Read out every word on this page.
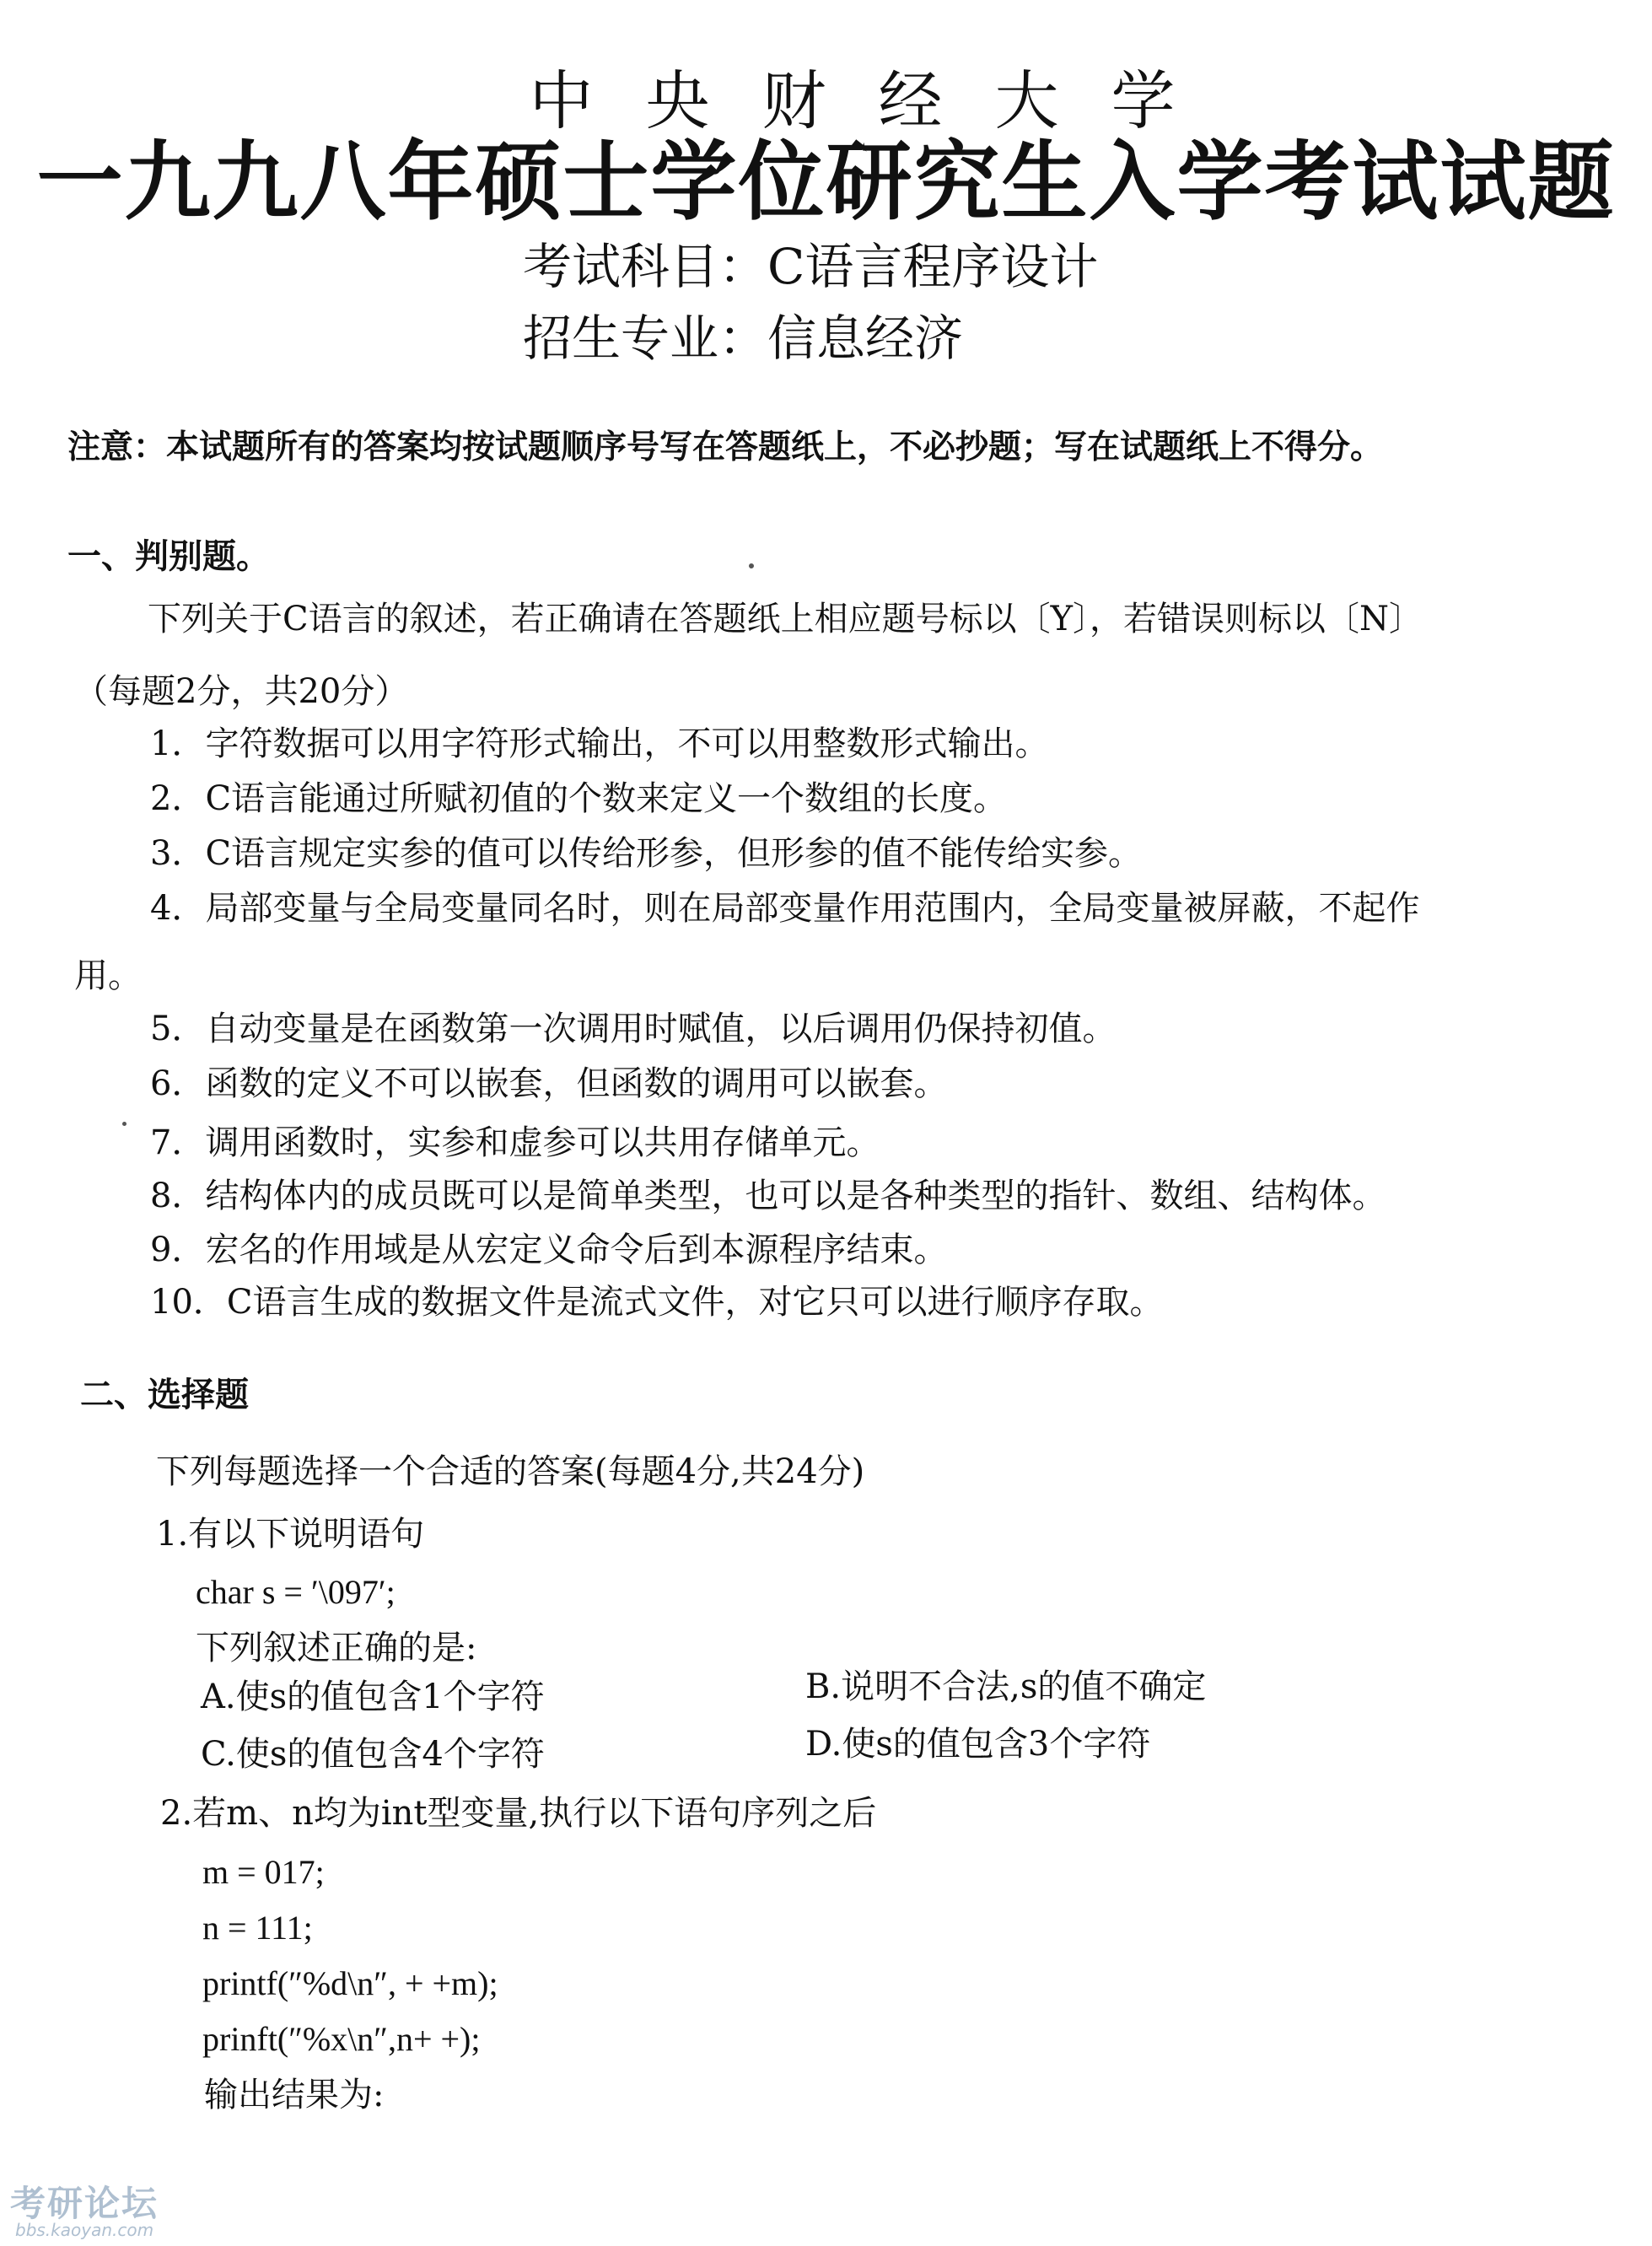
中央财经大学

一九九八年硕士学位研究生入学考试试题

考试科目：C语言程序设计

招生专业：信息经济

注意：本试题所有的答案均按试题顺序号写在答题纸上，不必抄题；写在试题纸上不得分。

一、判别题。

下列关于C语言的叙述，若正确请在答题纸上相应题号标以〔Y〕，若错误则标以〔N〕

（每题2分，共20分）

1．字符数据可以用字符形式输出，不可以用整数形式输出。

2．C语言能通过所赋初值的个数来定义一个数组的长度。

3．C语言规定实参的值可以传给形参，但形参的值不能传给实参。

4．局部变量与全局变量同名时，则在局部变量作用范围内，全局变量被屏蔽，不起作

用。

5．自动变量是在函数第一次调用时赋值，以后调用仍保持初值。

6．函数的定义不可以嵌套，但函数的调用可以嵌套。

7．调用函数时，实参和虚参可以共用存储单元。

8．结构体内的成员既可以是简单类型，也可以是各种类型的指针、数组、结构体。

9．宏名的作用域是从宏定义命令后到本源程序结束。

10．C语言生成的数据文件是流式文件，对它只可以进行顺序存取。

二、选择题

下列每题选择一个合适的答案(每题4分,共24分)

1.有以下说明语句

char s = ′\097′;

下列叙述正确的是:

A.使s的值包含1个字符	B.说明不合法,s的值不确定

C.使s的值包含4个字符	D.使s的值包含3个字符

2.若m、n均为int型变量,执行以下语句序列之后

m = 017;

n = 111;

printf(″%d\n″, + +m);

prinft(″%x\n″,n+ +);

输出结果为:

考研论坛
bbs.kaoyan.com
